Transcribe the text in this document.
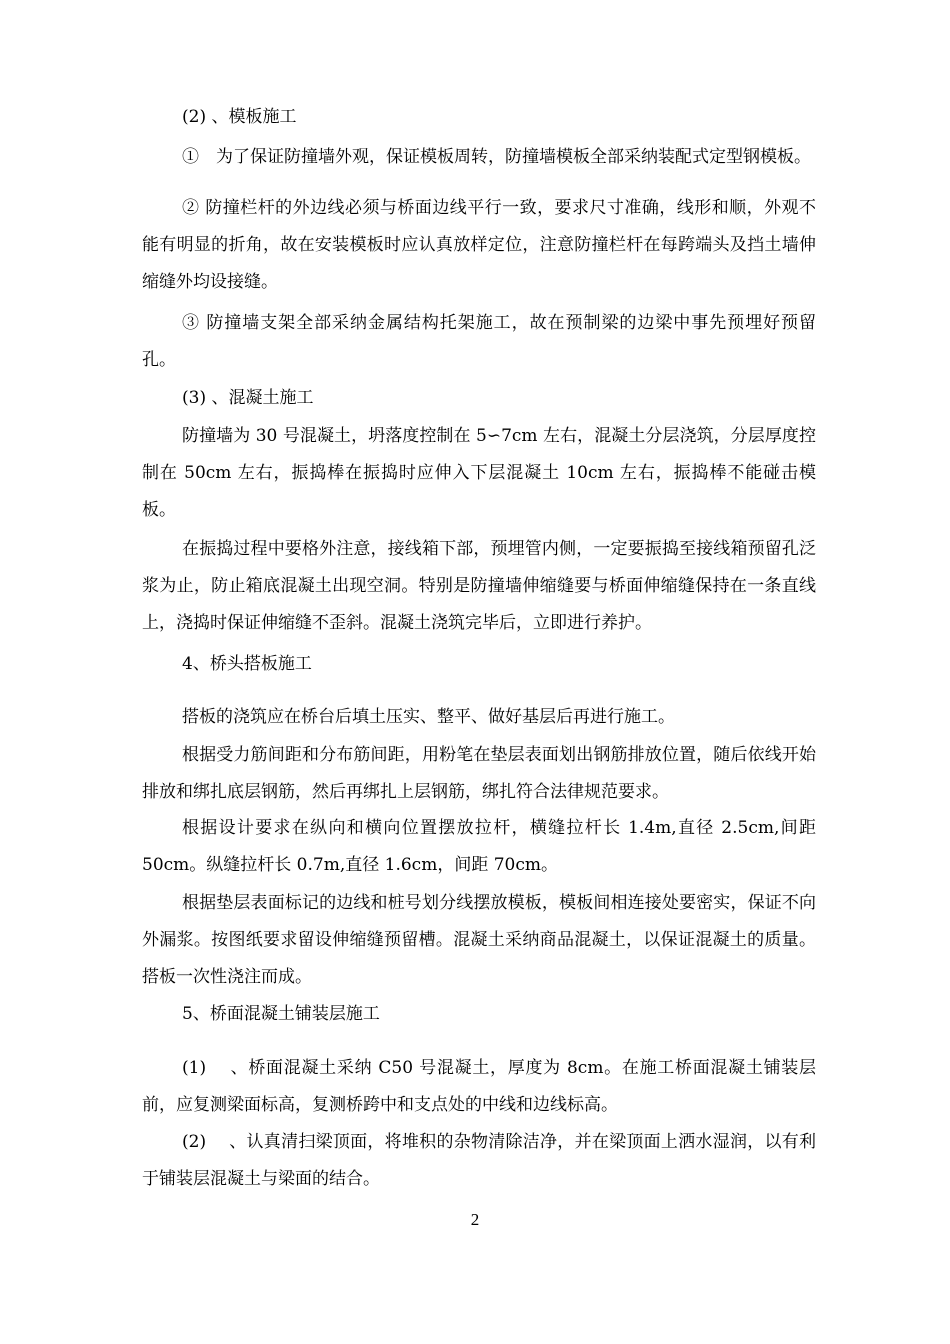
(2) 、模板施工

①　为了保证防撞墙外观，保证模板周转，防撞墙模板全部采纳装配式定型钢模板。

② 防撞栏杆的外边线必须与桥面边线平行一致，要求尺寸准确，线形和顺，外观不能有明显的折角，故在安装模板时应认真放样定位，注意防撞栏杆在每跨端头及挡土墙伸缩缝外均设接缝。

③ 防撞墙支架全部采纳金属结构托架施工，故在预制梁的边梁中事先预埋好预留孔。

(3) 、混凝土施工

防撞墙为 30 号混凝土，坍落度控制在 5∽7cm 左右，混凝土分层浇筑，分层厚度控制在 50cm 左右，振捣棒在振捣时应伸入下层混凝土 10cm 左右，振捣棒不能碰击模板。

在振捣过程中要格外注意，接线箱下部，预埋管内侧，一定要振捣至接线箱预留孔泛浆为止，防止箱底混凝土出现空洞。特别是防撞墙伸缩缝要与桥面伸缩缝保持在一条直线上，浇捣时保证伸缩缝不歪斜。混凝土浇筑完毕后，立即进行养护。

4、桥头搭板施工

搭板的浇筑应在桥台后填土压实、整平、做好基层后再进行施工。

根据受力筋间距和分布筋间距，用粉笔在垫层表面划出钢筋排放位置，随后依线开始排放和绑扎底层钢筋，然后再绑扎上层钢筋，绑扎符合法律规范要求。

根据设计要求在纵向和横向位置摆放拉杆，横缝拉杆长 1.4m,直径 2.5cm,间距 50cm。纵缝拉杆长 0.7m,直径 1.6cm，间距 70cm。

根据垫层表面标记的边线和桩号划分线摆放模板，模板间相连接处要密实，保证不向外漏浆。按图纸要求留设伸缩缝预留槽。混凝土采纳商品混凝土，以保证混凝土的质量。搭板一次性浇注而成。

5、桥面混凝土铺装层施工

(1)　 、桥面混凝土采纳 C50 号混凝土，厚度为 8cm。在施工桥面混凝土铺装层前，应复测梁面标高，复测桥跨中和支点处的中线和边线标高。

(2)　 、认真清扫梁顶面，将堆积的杂物清除洁净，并在梁顶面上洒水湿润，以有利于铺装层混凝土与梁面的结合。

2
